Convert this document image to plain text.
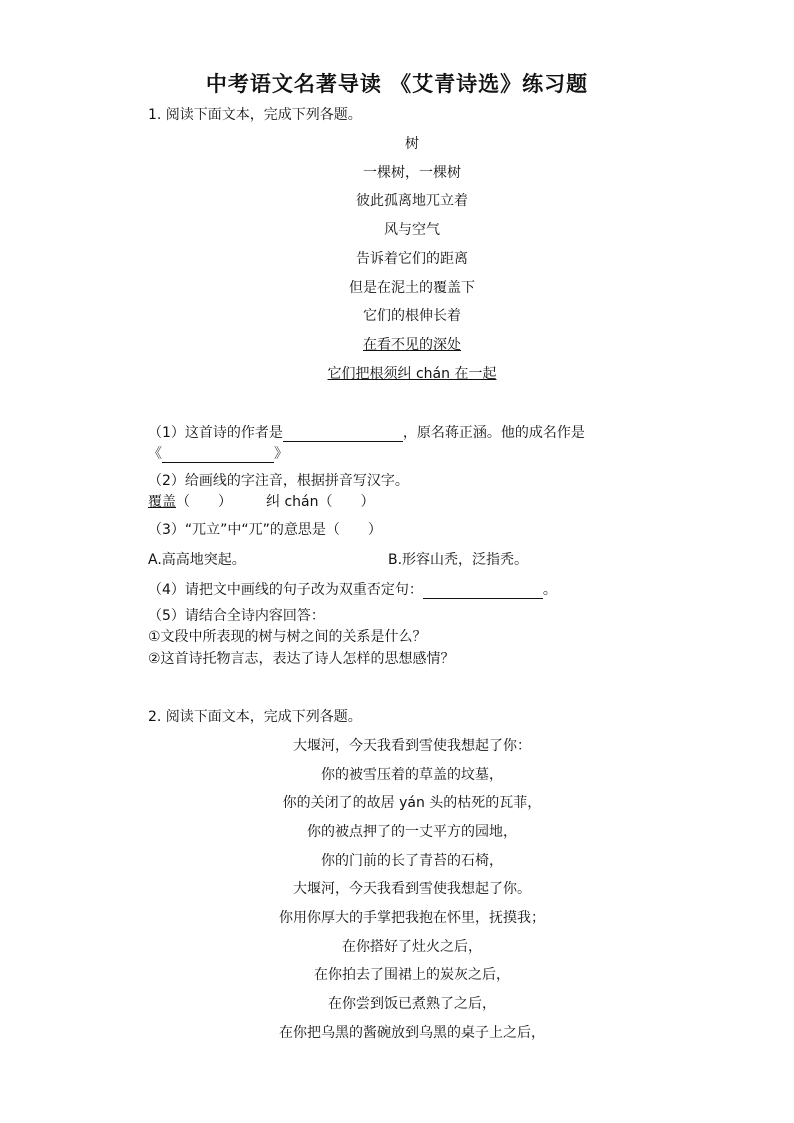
中考语文名著导读 《艾青诗选》练习题
1. 阅读下面文本，完成下列各题。
树
一棵树，一棵树
彼此孤离地兀立着
风与空气
告诉着它们的距离
但是在泥土的覆盖下
它们的根伸长着
在看不见的深处
它们把根须纠 chán 在一起
（1）这首诗的作者是	，原名蒋正涵。他的成名作是
《	》
（2）给画线的字注音，根据拼音写汉字。
覆盖（　　） 纠 chán（　　）
（3）“兀立”中“兀”的意思是（　　）
A.高高地突起。	B.形容山秃，泛指秃。
（4）请把文中画线的句子改为双重否定句：	。
（5）请结合全诗内容回答：
①文段中所表现的树与树之间的关系是什么？
②这首诗托物言志，表达了诗人怎样的思想感情？
2. 阅读下面文本，完成下列各题。
大堰河，今天我看到雪使我想起了你：
你的被雪压着的草盖的坟墓，
你的关闭了的故居 yán 头的枯死的瓦菲，
你的被点押了的一丈平方的园地，
你的门前的长了青苔的石椅，
大堰河，今天我看到雪使我想起了你。
你用你厚大的手掌把我抱在怀里，抚摸我；
在你搭好了灶火之后，
在你拍去了围裙上的炭灰之后，
在你尝到饭已煮熟了之后，
在你把乌黑的酱碗放到乌黑的桌子上之后，
